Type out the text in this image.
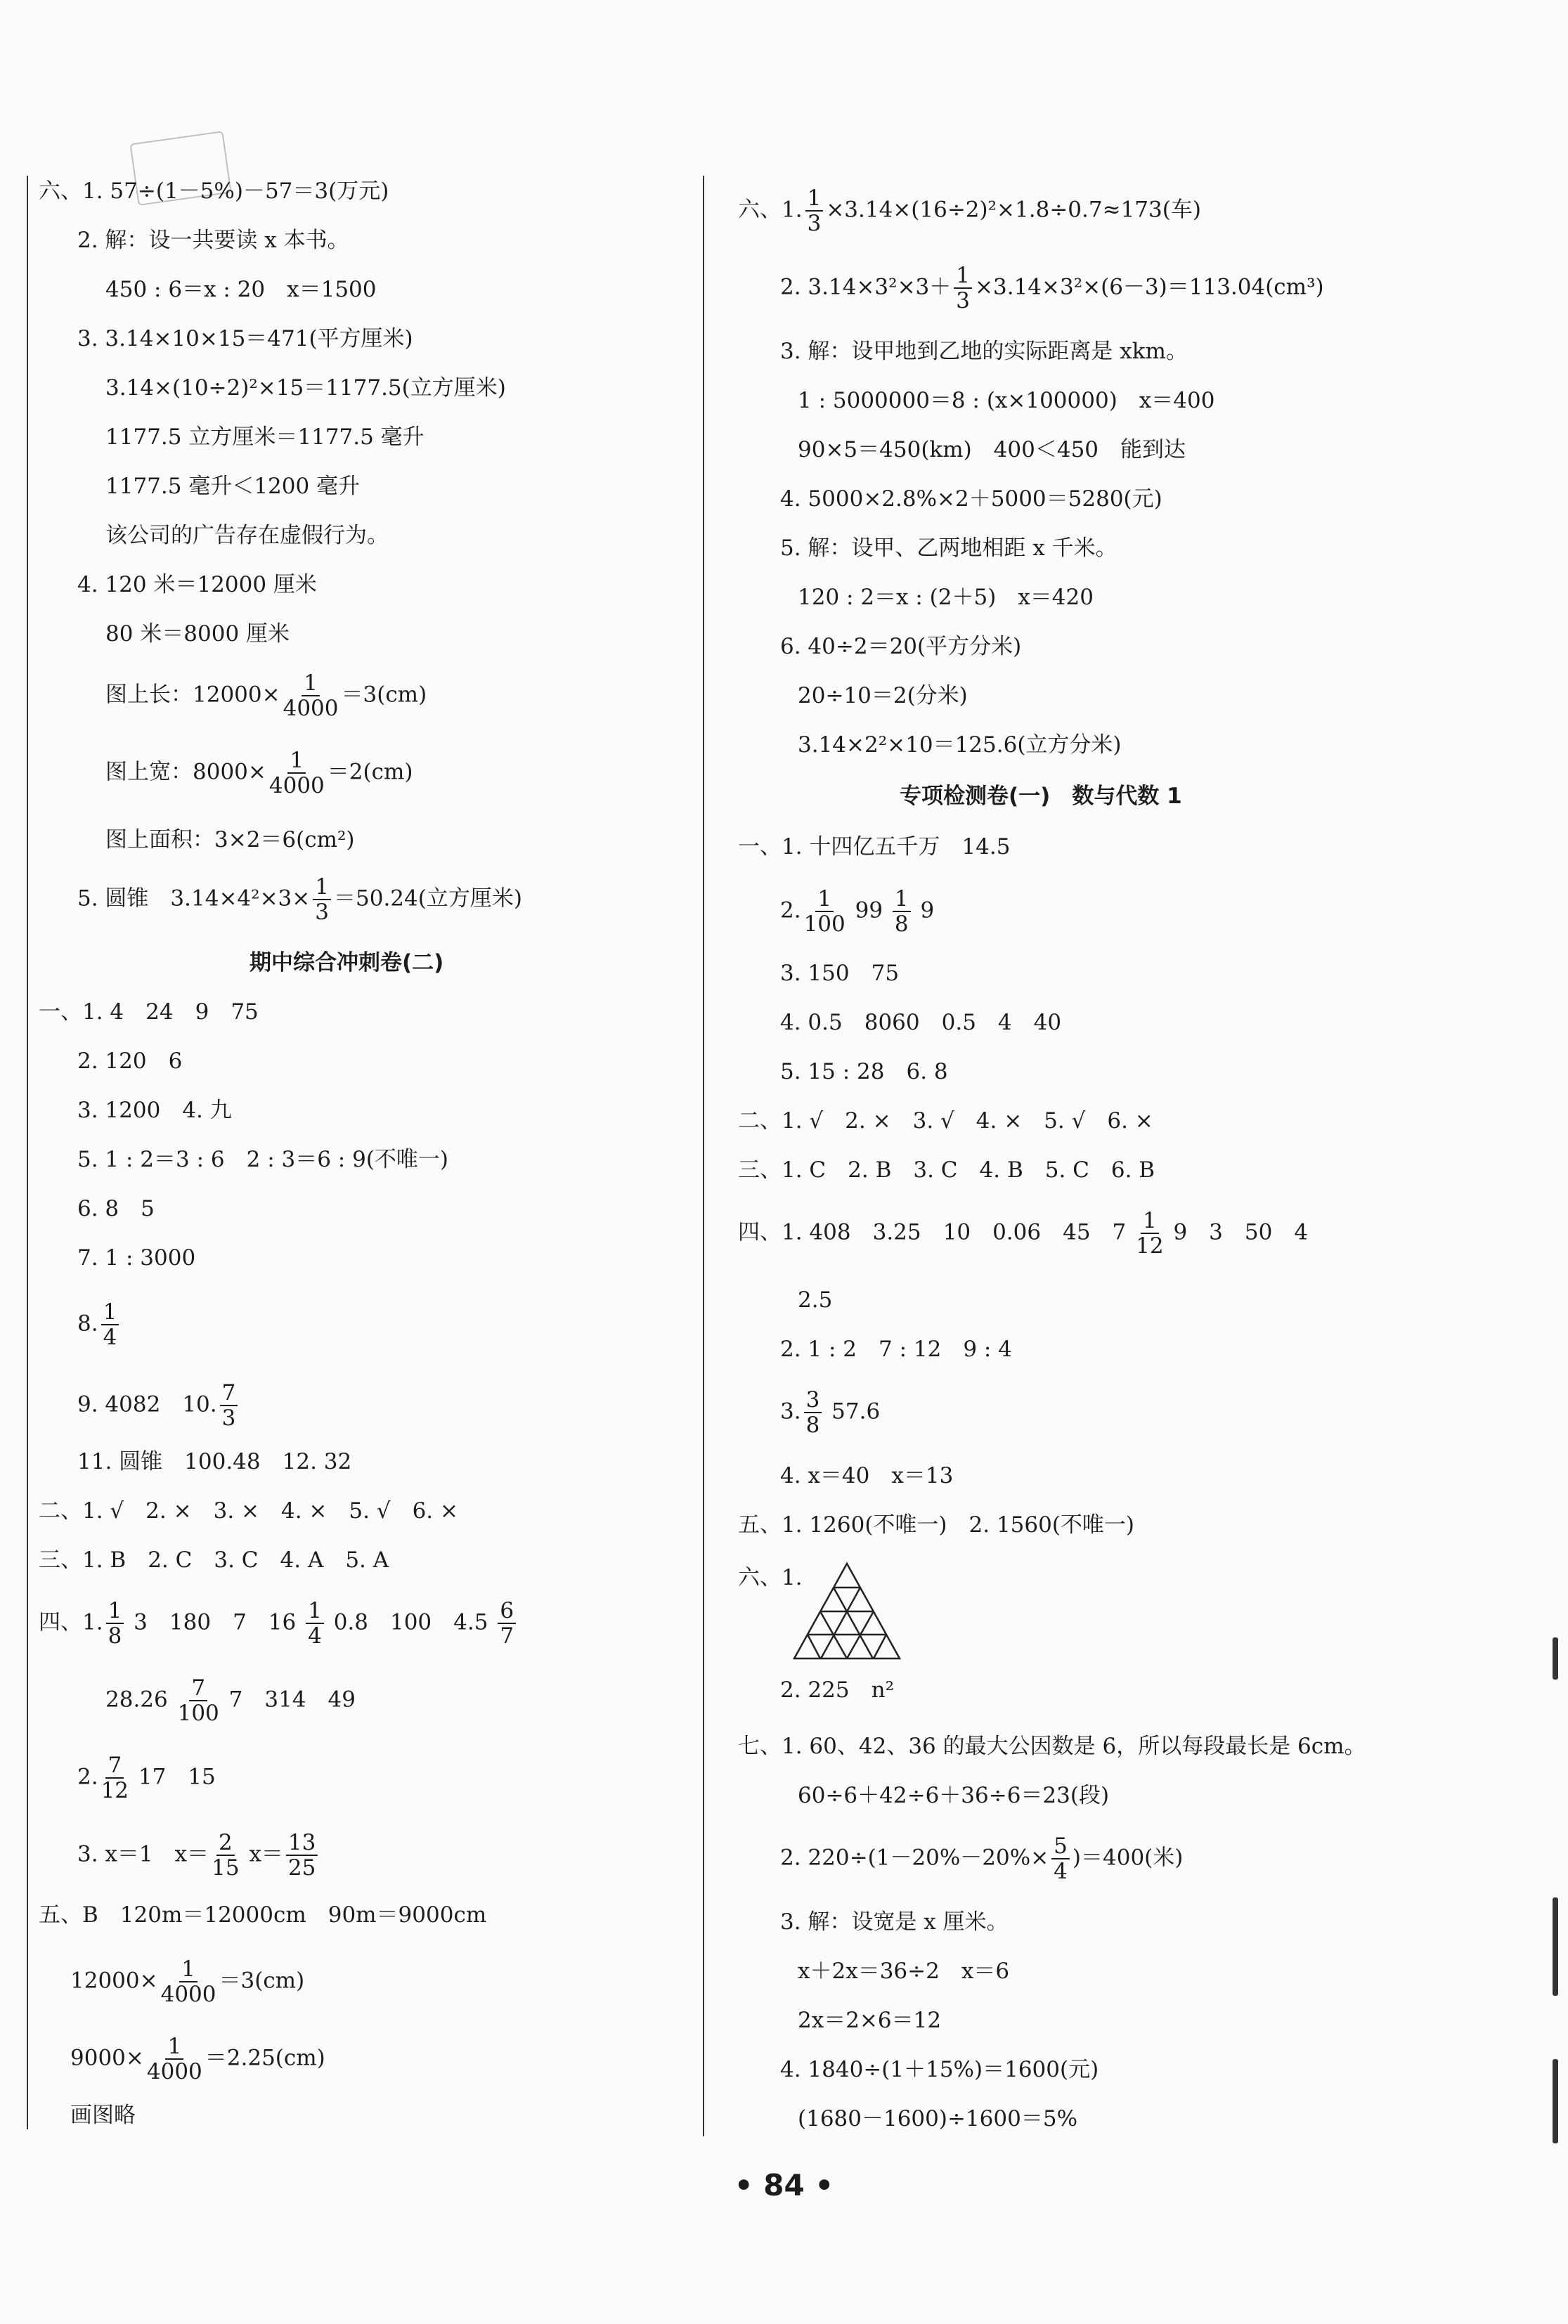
六、1. 57÷(1－5%)－57＝3(万元)
2. 解：设一共要读 x 本书。
450 : 6＝x : 20　x＝1500
3. 3.14×10×15＝471(平方厘米)
3.14×(10÷2)²×15＝1177.5(立方厘米)
1177.5 立方厘米＝1177.5 毫升
1177.5 毫升＜1200 毫升
该公司的广告存在虚假行为。
4. 120 米＝12000 厘米
80 米＝8000 厘米
图上长：$12000\times \frac{1}{4000} =3(cm)$
图上宽：$8000\times \frac{1}{4000} =2(cm)$
图上面积：3×2＝6(cm²)
5. 圆锥　$3.14\times 4^2\times 3\times \frac{1}{3} =50.24$(立方厘米)
期中综合冲刺卷(二)
一、1. 4　24　9　75
2. 120　6
3. 1200　4. 九
5. 1 : 2＝3 : 6　2 : 3＝6 : 9(不唯一)
6. 8　5
7. 1 : 3000
8. $\frac{1}{4}$
9. 4082　10. $\frac{7}{3}$
11. 圆锥　100.48　12. 32
二、1. √　2. ×　3. ×　4. ×　5. √　6. ×
三、1. B　2. C　3. C　4. A　5. A
四、1. $\frac{1}{8} 3$　180　7　$16 \frac{1}{4} 0.8$　100　$4.5 \frac{6}{7}$
$28.26 \frac{7}{100} 7$　314　49
2. $\frac{7}{12} 17$　15
3. x＝1　$x= \frac{2}{15} x= \frac{13}{25}$
五、B　120m＝12000cm　90m＝9000cm
$12000\times \frac{1}{4000} =3(cm)$
$9000\times \frac{1}{4000} =2.25(cm)$
画图略
六、1. $\frac{1}{3} \times 3.14\times(16\div 2)^2\times 1.8\div 0.7\approx 173$(车)
2. $3.14\times 3^2\times 3+ \frac{1}{3} \times 3.14\times 3^2\times(6-3)=113.04(cm^3)$
3. 解：设甲地到乙地的实际距离是 xkm。
1 : 5000000＝8 : (x×100000)　x＝400
90×5＝450(km)　400＜450　能到达
4. 5000×2.8%×2＋5000＝5280(元)
5. 解：设甲、乙两地相距 x 千米。
120 : 2＝x : (2＋5)　x＝420
6. 40÷2＝20(平方分米)
20÷10＝2(分米)
3.14×2²×10＝125.6(立方分米)
专项检测卷(一)　数与代数 1
一、1. 十四亿五千万　14.5
2. $\frac{1}{100} 99 \frac{1}{8} 9$
3. 150　75
4. 0.5　8060　0.5　4　40
5. 15 : 28　6. 8
二、1. √　2. ×　3. √　4. ×　5. √　6. ×
三、1. C　2. B　3. C　4. B　5. C　6. B
四、1. 408　3.25　10　0.06　45　$7 \frac{1}{12} 9$　3　50　4
2.5
2. 1 : 2　7 : 12　9 : 4
3. $\frac{3}{8} 57.6$
4. x＝40　x＝13
五、1. 1260(不唯一)　2. 1560(不唯一)
六、1.
2. 225　n²
七、1. 60、42、36 的最大公因数是 6，所以每段最长是 6cm。
60÷6＋42÷6＋36÷6＝23(段)
2. $220\div(1-20\%-20\%\times \frac{5}{4} )=400$(米)
3. 解：设宽是 x 厘米。
x＋2x＝36÷2　x＝6
2x＝2×6＝12
4. 1840÷(1＋15%)＝1600(元)
(1680－1600)÷1600＝5%
• 84 •
